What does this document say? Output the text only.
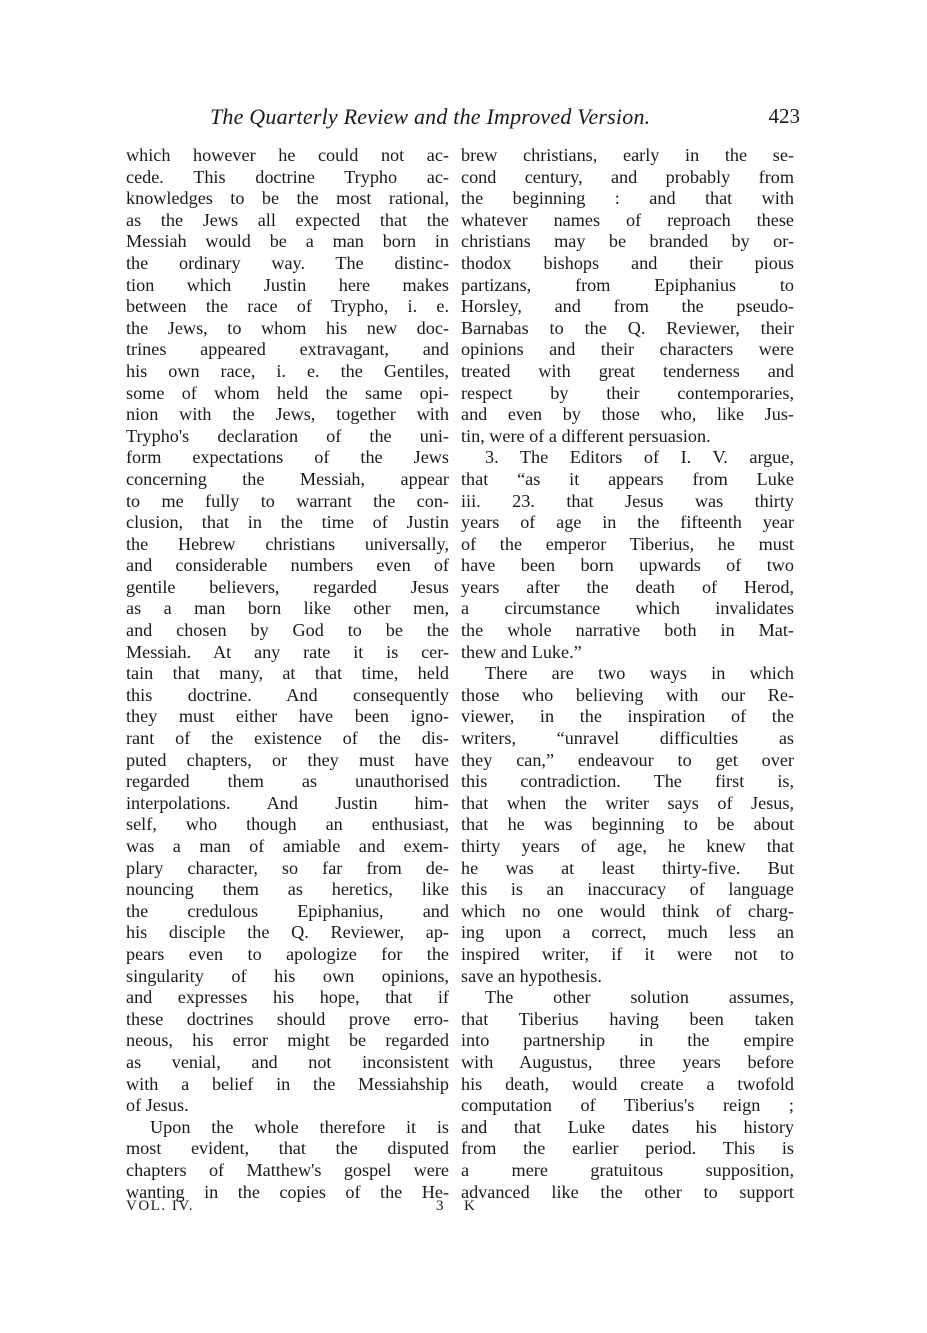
The Quarterly Review and the Improved Version.	423
which however he could not ac-
cede. This doctrine Trypho ac-
knowledges to be the most rational,
as the Jews all expected that the
Messiah would be a man born in
the ordinary way. The distinc-
tion which Justin here makes
between the race of Trypho, i. e.
the Jews, to whom his new doc-
trines appeared extravagant, and
his own race, i. e. the Gentiles,
some of whom held the same opi-
nion with the Jews, together with
Trypho's declaration of the uni-
form expectations of the Jews
concerning the Messiah, appear
to me fully to warrant the con-
clusion, that in the time of Justin
the Hebrew christians universally,
and considerable numbers even of
gentile believers, regarded Jesus
as a man born like other men,
and chosen by God to be the
Messiah. At any rate it is cer-
tain that many, at that time, held
this doctrine. And consequently
they must either have been igno-
rant of the existence of the dis-
puted chapters, or they must have
regarded them as unauthorised
interpolations. And Justin him-
self, who though an enthusiast,
was a man of amiable and exem-
plary character, so far from de-
nouncing them as heretics, like
the credulous Epiphanius, and
his disciple the Q. Reviewer, ap-
pears even to apologize for the
singularity of his own opinions,
and expresses his hope, that if
these doctrines should prove erro-
neous, his error might be regarded
as venial, and not inconsistent
with a belief in the Messiahship
of Jesus.
Upon the whole therefore it is
most evident, that the disputed
chapters of Matthew's gospel were
wanting in the copies of the He-
brew christians, early in the se-
cond century, and probably from
the beginning : and that with
whatever names of reproach these
christians may be branded by or-
thodox bishops and their pious
partizans, from Epiphanius to
Horsley, and from the pseudo-
Barnabas to the Q. Reviewer, their
opinions and their characters were
treated with great tenderness and
respect by their contemporaries,
and even by those who, like Jus-
tin, were of a different persuasion.
3. The Editors of I. V. argue,
that “as it appears from Luke
iii. 23. that Jesus was thirty
years of age in the fifteenth year
of the emperor Tiberius, he must
have been born upwards of two
years after the death of Herod,
a circumstance which invalidates
the whole narrative both in Mat-
thew and Luke.”
There are two ways in which
those who believing with our Re-
viewer, in the inspiration of the
writers, “unravel difficulties as
they can,” endeavour to get over
this contradiction. The first is,
that when the writer says of Jesus,
that he was beginning to be about
thirty years of age, he knew that
he was at least thirty-five. But
this is an inaccuracy of language
which no one would think of charg-
ing upon a correct, much less an
inspired writer, if it were not to
save an hypothesis.
The other solution assumes,
that Tiberius having been taken
into partnership in the empire
with Augustus, three years before
his death, would create a twofold
computation of Tiberius's reign ;
and that Luke dates his history
from the earlier period. This is
a mere gratuitous supposition,
advanced like the other to support
VOL. IV.	3 K
